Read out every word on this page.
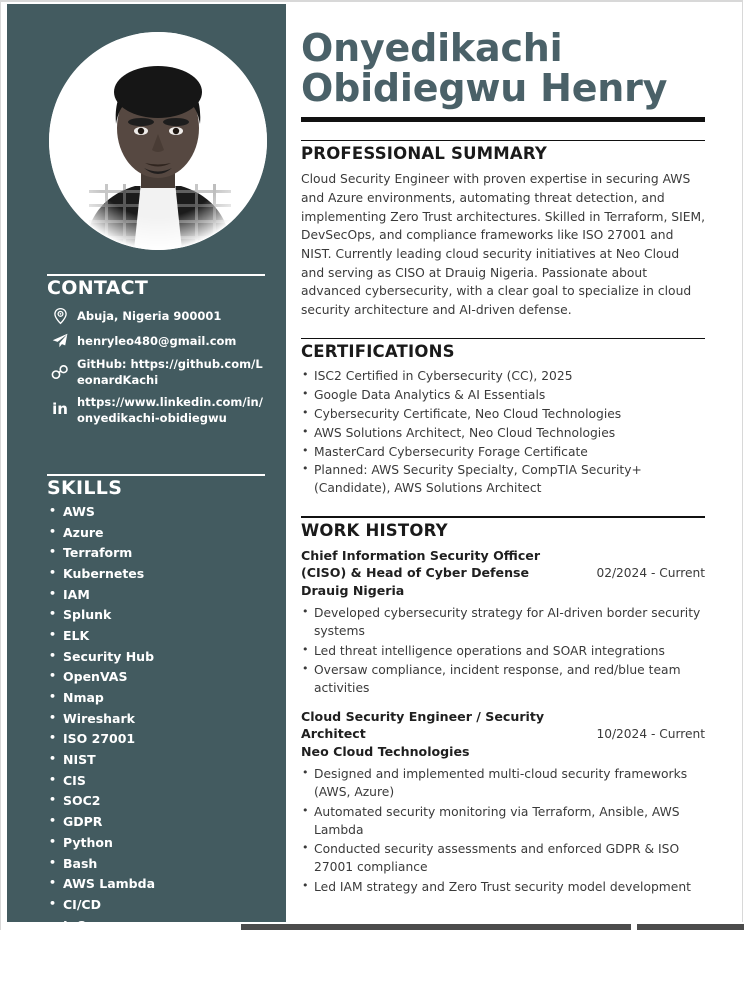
CONTACT
Abuja, Nigeria 900001
henryleo480@gmail.com
GitHub: https://github.com/LeonardKachi
in https://www.linkedin.com/in/onyedikachi-obidiegwu
SKILLS
• AWS
• Azure
• Terraform
• Kubernetes
• IAM
• Splunk
• ELK
• Security Hub
• OpenVAS
• Nmap
• Wireshark
• ISO 27001
• NIST
• CIS
• SOC2
• GDPR
• Python
• Bash
• AWS Lambda
• CI/CD
•
• TCP/IP
• Firewalls
• VPNs
Onyedikachi
Obidiegwu Henry
PROFESSIONAL SUMMARY

Cloud Security Engineer with proven expertise in securing AWS and Azure environments, automating threat detection, and implementing Zero Trust architectures. Skilled in Terraform, SIEM, DevSecOps, and compliance frameworks like ISO 27001 and NIST. Currently leading cloud security initiatives at Neo Cloud and serving as CISO at Drauig Nigeria. Passionate about advanced cybersecurity, with a clear goal to specialize in cloud security architecture and AI-driven defense.

CERTIFICATIONS
• ISC2 Certified in Cybersecurity (CC), 2025
• Google Data Analytics & AI Essentials
• Cybersecurity Certificate, Neo Cloud Technologies
• AWS Solutions Architect, Neo Cloud Technologies
• MasterCard Cybersecurity Forage Certificate
• Planned: AWS Security Specialty, CompTIA Security+(Candidate), AWS Solutions Architect
WORK HISTORY
Chief Information Security Officer (CISO) & Head of Cyber Defense	02/2024 - Current
Drauig Nigeria
• Developed cybersecurity strategy for AI-driven border security systems
• Led threat intelligence operations and SOAR integrations
• Oversaw compliance, incident response, and red/blue team activities
Cloud Security Engineer / Security Architect	10/2024 - Current
Neo Cloud Technologies
• Designed and implemented multi-cloud security frameworks (AWS, Azure)
• Automated security monitoring via Terraform, Ansible, AWS Lambda
• Conducted security assessments and enforced GDPR & ISO 27001 compliance
• Led IAM strategy and Zero Trust security model development
